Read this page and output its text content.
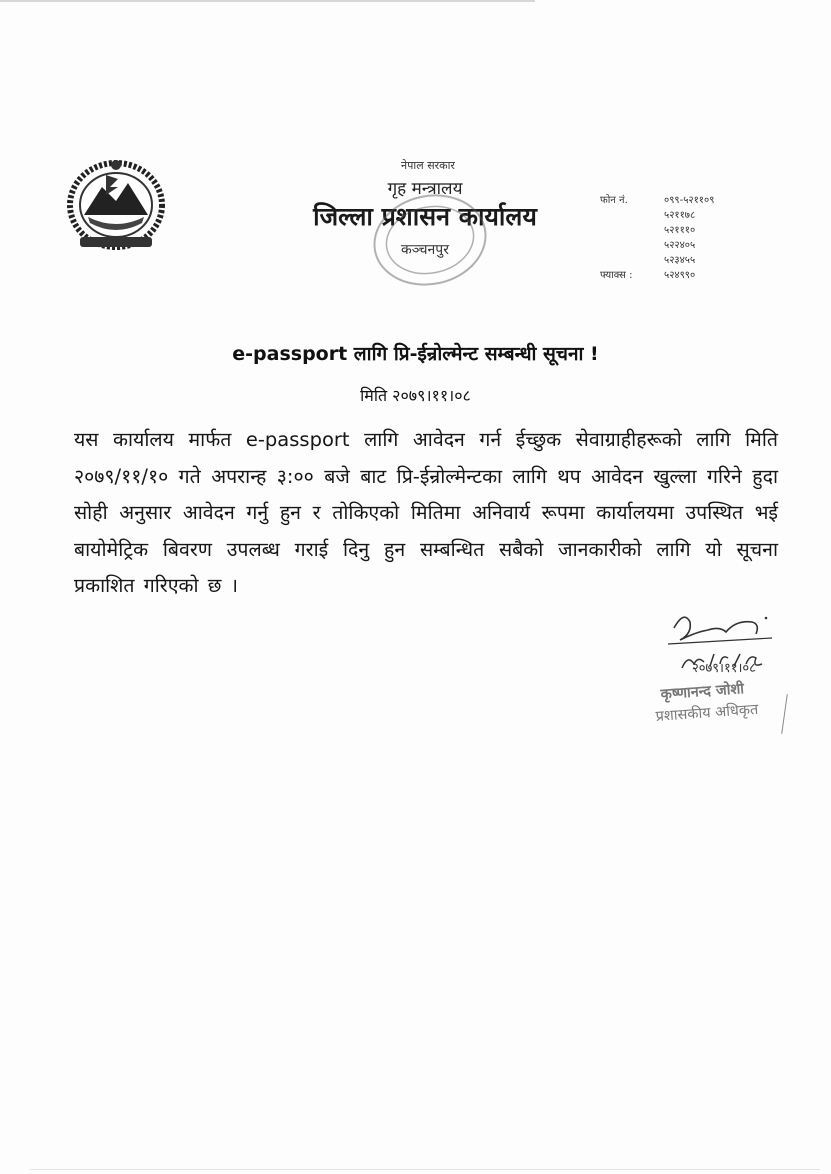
नेपाल सरकार
गृह मन्त्रालय
जिल्ला प्रशासन कार्यालय
कञ्चनपुर
फोन नं.	०९९-५२११०९
५२११७८
५२१११०
५२२४०५
५२३४५५
फ्याक्स :	५२४९९०
e-passport लागि प्रि-ईन्रोल्मेन्ट सम्बन्धी सूचना !
मिति २०७९।११।०८
यस कार्यालय मार्फत e-passport लागि आवेदन गर्न ईच्छुक सेवाग्राहीहरूको लागि मिति २०७९/११/१० गते अपरान्ह ३:०० बजे बाट प्रि-ईन्रोल्मेन्टका लागि थप आवेदन खुल्ला गरिने हुदा सोही अनुसार आवेदन गर्नु हुन र तोकिएको मितिमा अनिवार्य रूपमा कार्यालयमा उपस्थित भई बायोमेट्रिक बिवरण उपलब्ध गराई दिनु हुन सम्बन्धित सबैको जानकारीको लागि यो सूचना प्रकाशित गरिएको छ ।
२०७९।११।०८
कृष्णानन्द जोशी
प्रशासकीय अधिकृत
